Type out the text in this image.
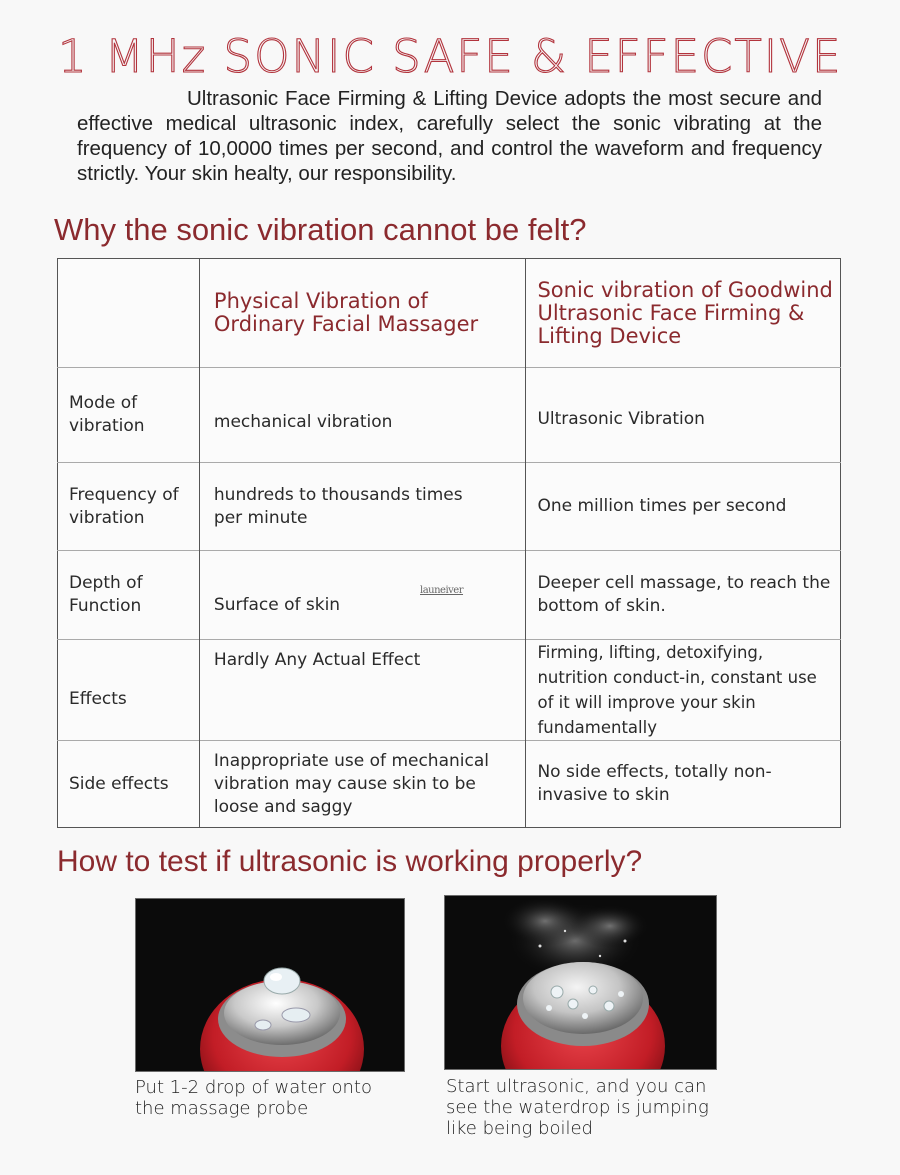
1 MHz SONIC SAFE & EFFECTIVE
Ultrasonic Face Firming & Lifting Device adopts the most secure and effective medical ultrasonic index, carefully select the sonic vibrating at the frequency of 10,0000 times per second, and control the waveform and frequency strictly. Your skin healty, our responsibility.
Why the sonic vibration cannot be felt?
	Physical Vibration of Ordinary Facial Massager	Sonic vibration of Goodwind Ultrasonic Face Firming & Lifting Device
Mode of vibration	mechanical vibration	Ultrasonic Vibration
Frequency of vibration	hundreds to thousands times per minute	One million times per second
Depth of Function	Surface of skin	Deeper cell massage, to reach the bottom of skin.
Effects	Hardly Any Actual Effect	Firming, lifting, detoxifying, nutrition conduct-in, constant use of it will improve your skin fundamentally
Side effects	Inappropriate use of mechanical vibration may cause skin to be loose and saggy	No side effects, totally non-invasive to skin
launeiver
How to test if ultrasonic is working properly?
Put 1-2 drop of water onto the massage probe
Start ultrasonic, and you can see the waterdrop is jumping like being boiled
